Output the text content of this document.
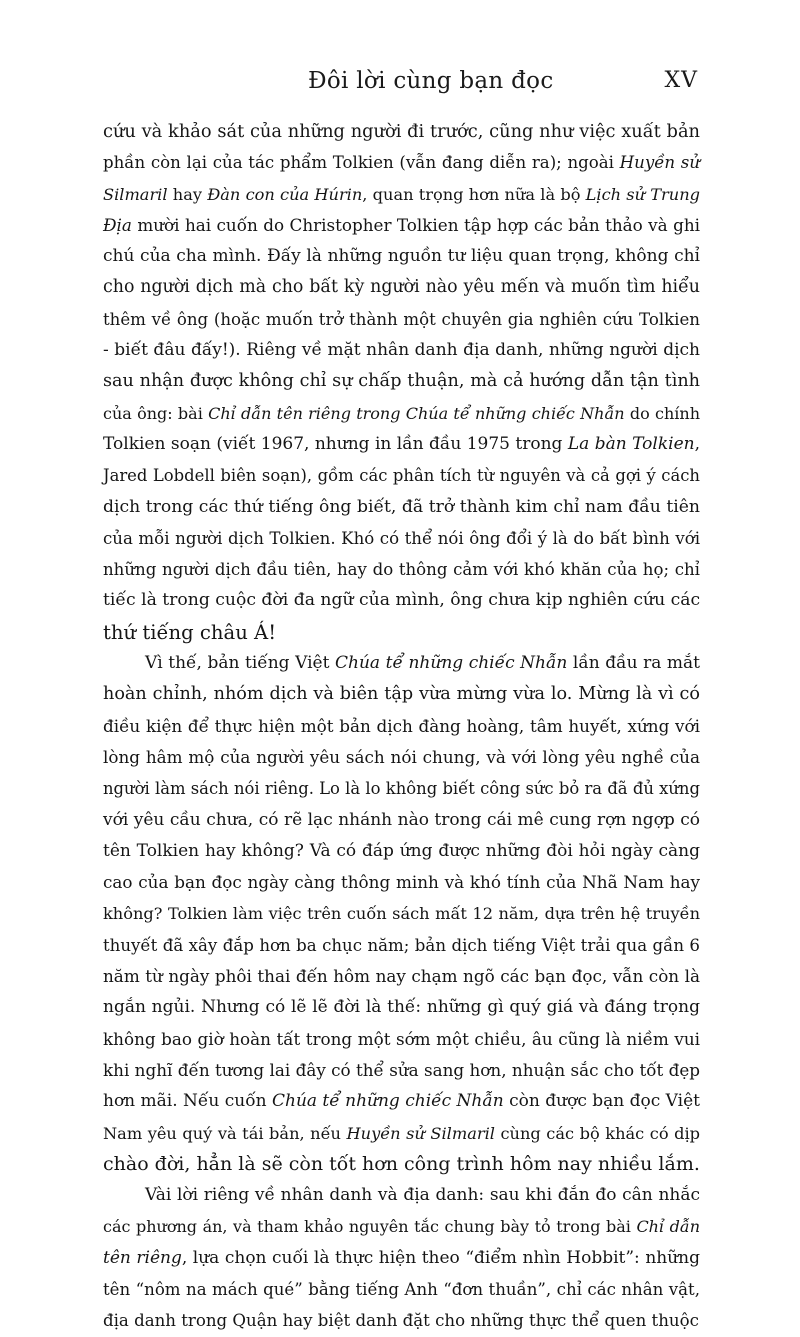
Đôi lời cùng bạn đọc	XV
cứu và khảo sát của những người đi trước, cũng như việc xuất bản
phần còn lại của tác phẩm Tolkien (vẫn đang diễn ra); ngoài Huyền sử
Silmaril hay Đàn con của Húrin, quan trọng hơn nữa là bộ Lịch sử Trung
Địa mười hai cuốn do Christopher Tolkien tập hợp các bản thảo và ghi
chú của cha mình. Đấy là những nguồn tư liệu quan trọng, không chỉ
cho người dịch mà cho bất kỳ người nào yêu mến và muốn tìm hiểu
thêm về ông (hoặc muốn trở thành một chuyên gia nghiên cứu Tolkien
- biết đâu đấy!). Riêng về mặt nhân danh địa danh, những người dịch
sau nhận được không chỉ sự chấp thuận, mà cả hướng dẫn tận tình
của ông: bài Chỉ dẫn tên riêng trong Chúa tể những chiếc Nhẫn do chính
Tolkien soạn (viết 1967, nhưng in lần đầu 1975 trong La bàn Tolkien,
Jared Lobdell biên soạn), gồm các phân tích từ nguyên và cả gợi ý cách
dịch trong các thứ tiếng ông biết, đã trở thành kim chỉ nam đầu tiên
của mỗi người dịch Tolkien. Khó có thể nói ông đổi ý là do bất bình với
những người dịch đầu tiên, hay do thông cảm với khó khăn của họ; chỉ
tiếc là trong cuộc đời đa ngữ của mình, ông chưa kịp nghiên cứu các
thứ tiếng châu Á!
Vì thế, bản tiếng Việt Chúa tể những chiếc Nhẫn lần đầu ra mắt
hoàn chỉnh, nhóm dịch và biên tập vừa mừng vừa lo. Mừng là vì có
điều kiện để thực hiện một bản dịch đàng hoàng, tâm huyết, xứng với
lòng hâm mộ của người yêu sách nói chung, và với lòng yêu nghề của
người làm sách nói riêng. Lo là lo không biết công sức bỏ ra đã đủ xứng
với yêu cầu chưa, có rẽ lạc nhánh nào trong cái mê cung rợn ngợp có
tên Tolkien hay không? Và có đáp ứng được những đòi hỏi ngày càng
cao của bạn đọc ngày càng thông minh và khó tính của Nhã Nam hay
không? Tolkien làm việc trên cuốn sách mất 12 năm, dựa trên hệ truyền
thuyết đã xây đắp hơn ba chục năm; bản dịch tiếng Việt trải qua gần 6
năm từ ngày phôi thai đến hôm nay chạm ngõ các bạn đọc, vẫn còn là
ngắn ngủi. Nhưng có lẽ lẽ đời là thế: những gì quý giá và đáng trọng
không bao giờ hoàn tất trong một sớm một chiều, âu cũng là niềm vui
khi nghĩ đến tương lai đây có thể sửa sang hơn, nhuận sắc cho tốt đẹp
hơn mãi. Nếu cuốn Chúa tể những chiếc Nhẫn còn được bạn đọc Việt
Nam yêu quý và tái bản, nếu Huyền sử Silmaril cùng các bộ khác có dịp
chào đời, hẳn là sẽ còn tốt hơn công trình hôm nay nhiều lắm.
Vài lời riêng về nhân danh và địa danh: sau khi đắn đo cân nhắc
các phương án, và tham khảo nguyên tắc chung bày tỏ trong bài Chỉ dẫn
tên riêng, lựa chọn cuối là thực hiện theo “điểm nhìn Hobbit”: những
tên “nôm na mách qué” bằng tiếng Anh “đơn thuần”, chỉ các nhân vật,
địa danh trong Quận hay biệt danh đặt cho những thực thể quen thuộc
